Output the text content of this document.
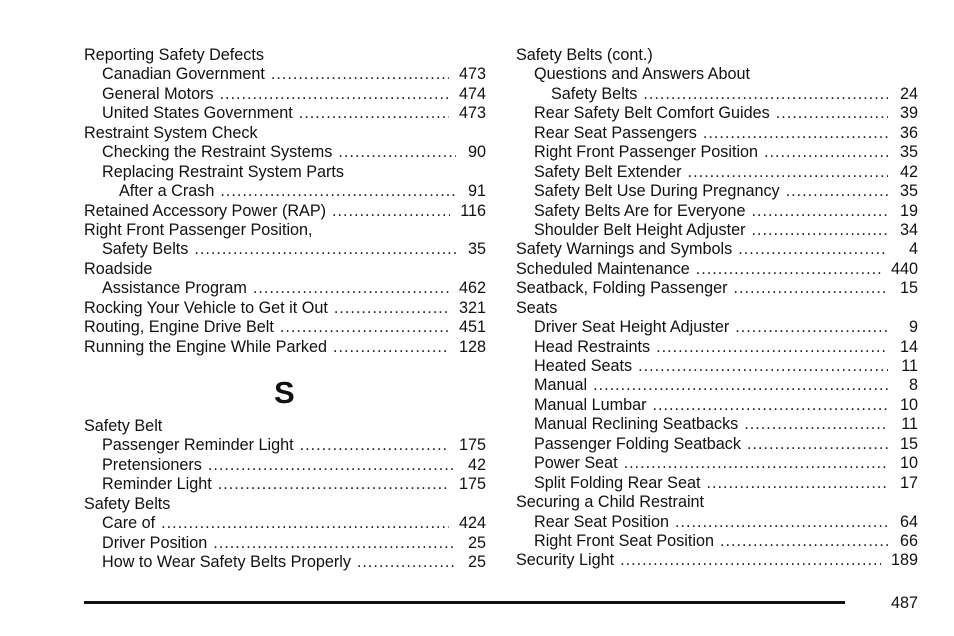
Reporting Safety Defects
Canadian Government .....	473
General Motors .....	474
United States Government .....	473
Restraint System Check
Checking the Restraint Systems .....	90
Replacing Restraint System Parts
After a Crash .....	91
Retained Accessory Power (RAP) .....	116
Right Front Passenger Position,
Safety Belts .....	35
Roadside
Assistance Program .....	462
Rocking Your Vehicle to Get it Out .....	321
Routing, Engine Drive Belt .....	451
Running the Engine While Parked .....	128
S
Safety Belt
Passenger Reminder Light .....	175
Pretensioners .....	42
Reminder Light .....	175
Safety Belts
Care of .....	424
Driver Position .....	25
How to Wear Safety Belts Properly .....	25
Safety Belts (cont.)
Questions and Answers About
Safety Belts .....	24
Rear Safety Belt Comfort Guides .....	39
Rear Seat Passengers .....	36
Right Front Passenger Position .....	35
Safety Belt Extender .....	42
Safety Belt Use During Pregnancy .....	35
Safety Belts Are for Everyone .....	19
Shoulder Belt Height Adjuster .....	34
Safety Warnings and Symbols .....	4
Scheduled Maintenance .....	440
Seatback, Folding Passenger .....	15
Seats
Driver Seat Height Adjuster .....	9
Head Restraints .....	14
Heated Seats .....	11
Manual .....	8
Manual Lumbar .....	10
Manual Reclining Seatbacks .....	11
Passenger Folding Seatback .....	15
Power Seat .....	10
Split Folding Rear Seat .....	17
Securing a Child Restraint
Rear Seat Position .....	64
Right Front Seat Position .....	66
Security Light .....	189
487
